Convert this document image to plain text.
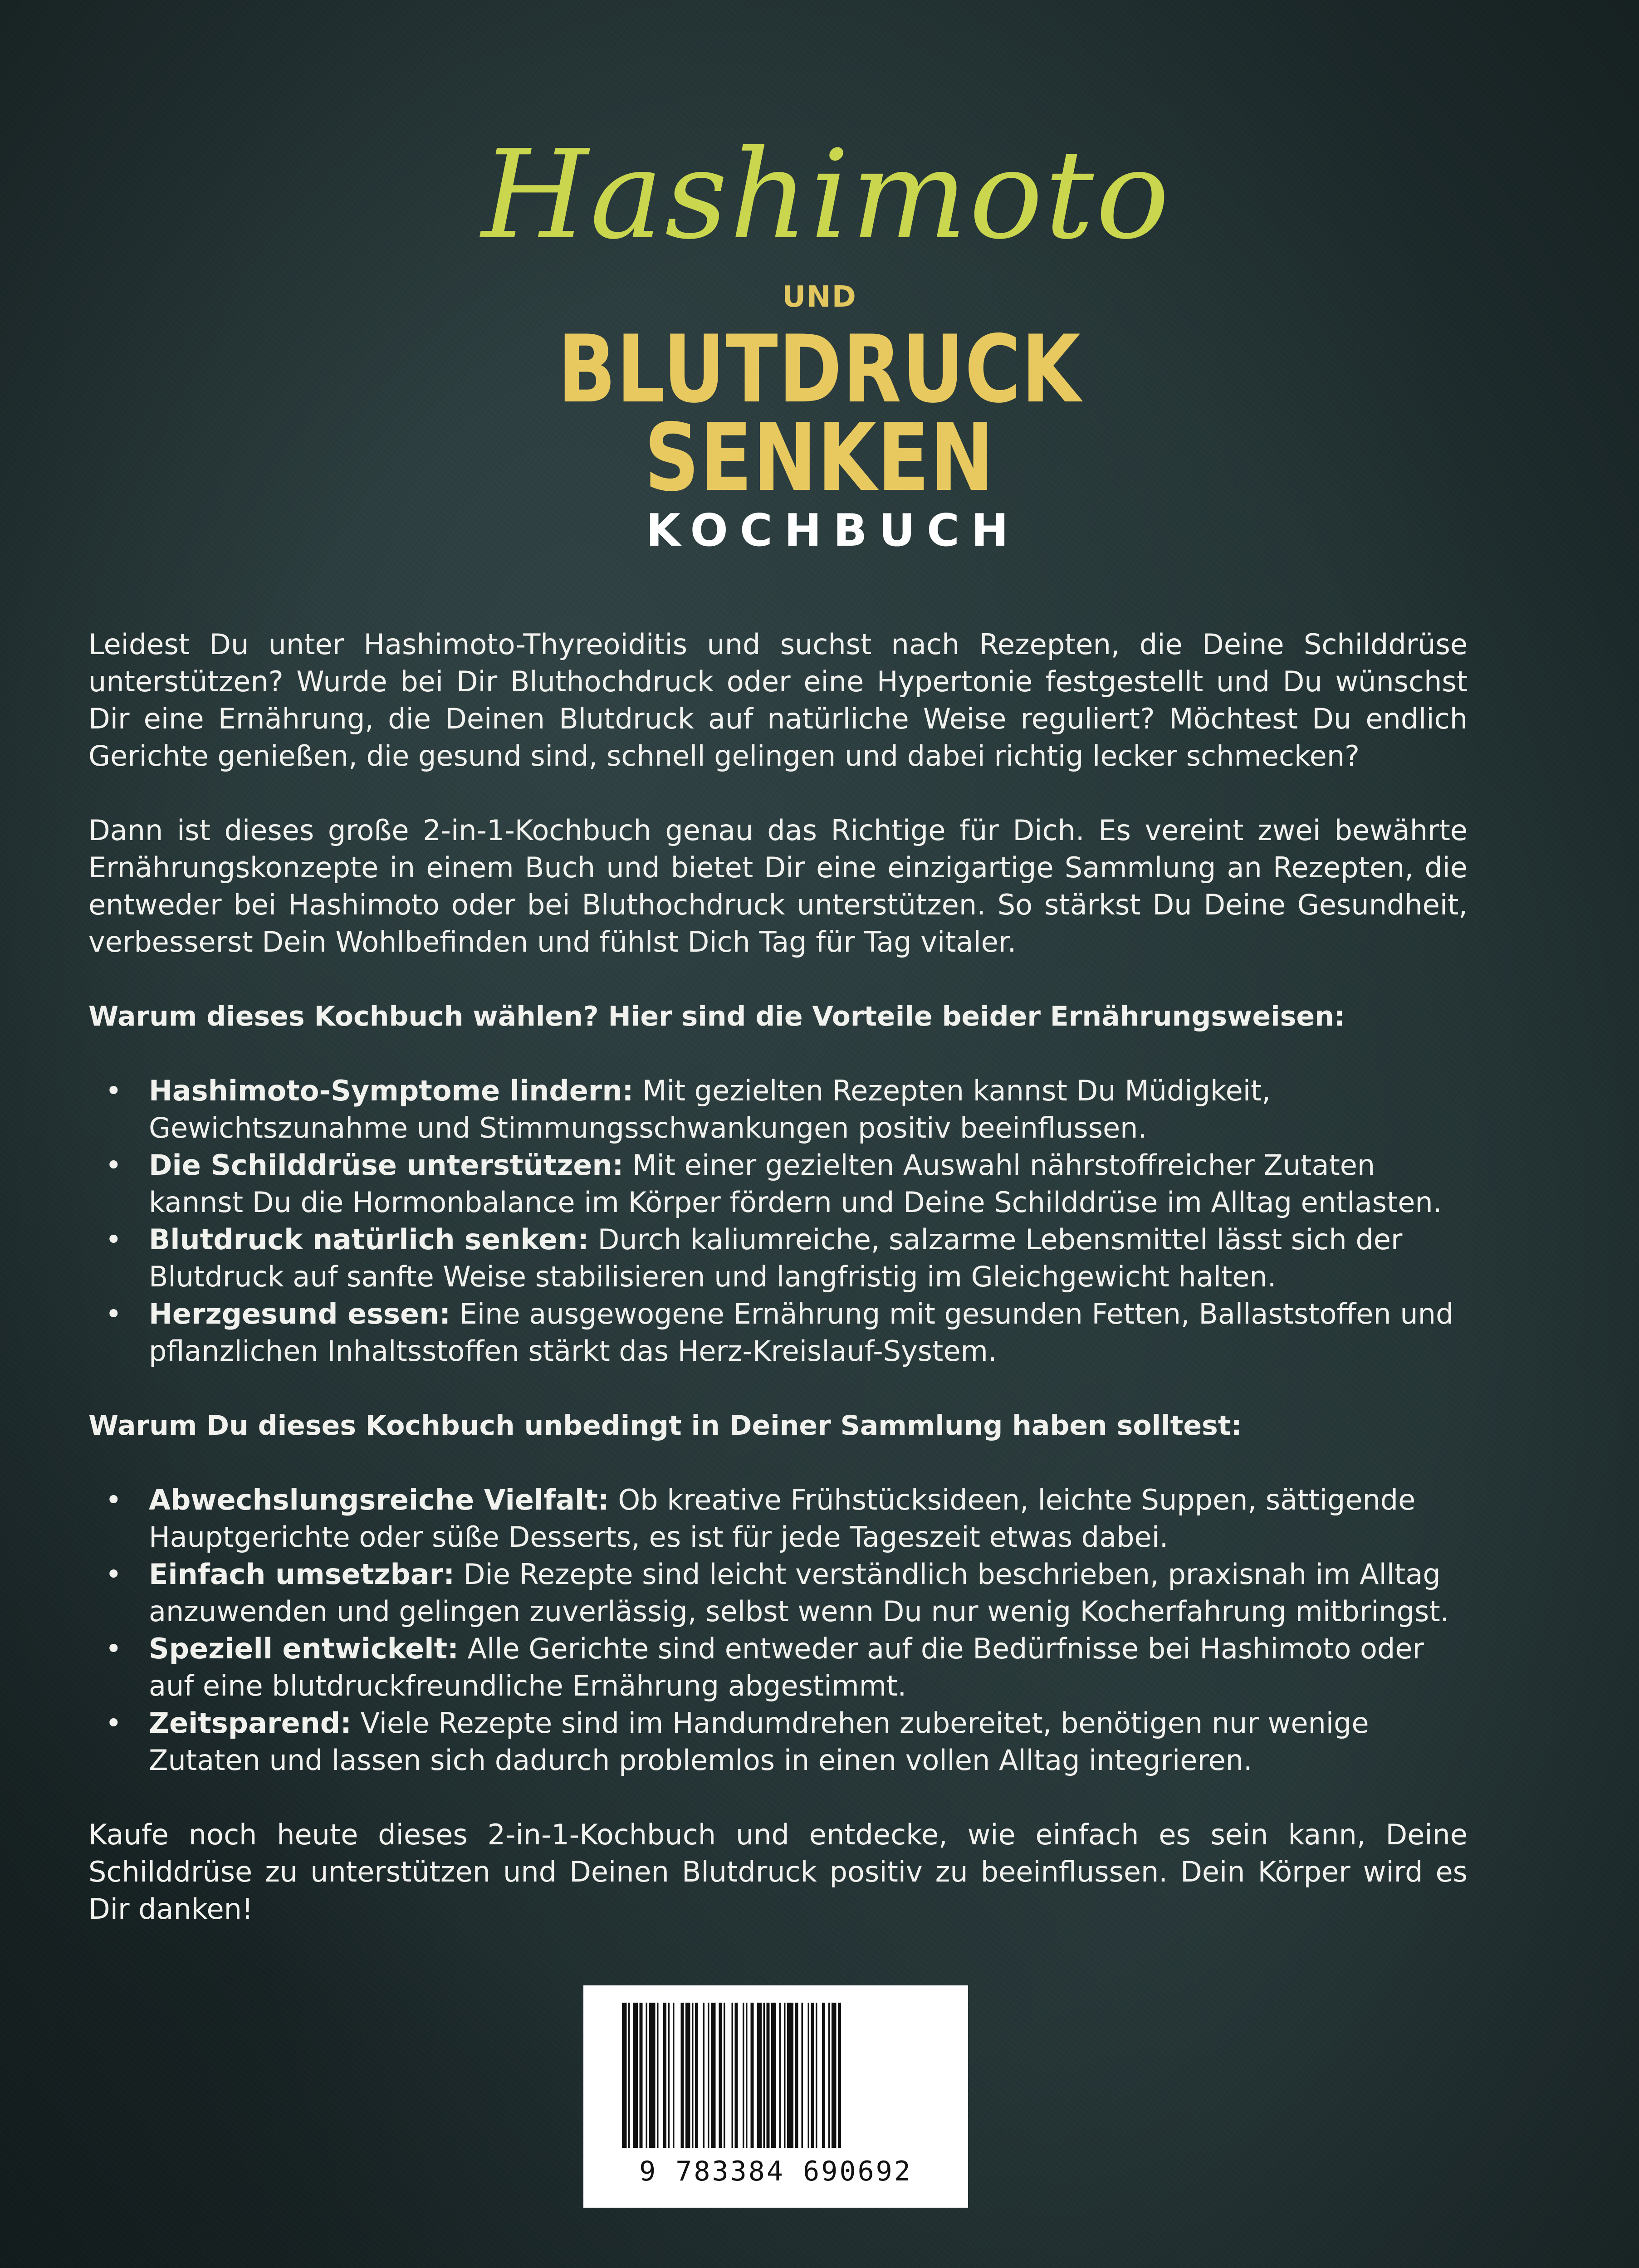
Hashimoto
UND
BLUTDRUCK
SENKEN
KOCHBUCH

Leidest Du unter Hashimoto-Thyreoiditis und suchst nach Rezepten, die Deine Schilddrüse unterstützen? Wurde bei Dir Bluthochdruck oder eine Hypertonie festgestellt und Du wünschst Dir eine Ernährung, die Deinen Blutdruck auf natürliche Weise reguliert? Möchtest Du endlich Gerichte genießen, die gesund sind, schnell gelingen und dabei richtig lecker schmecken?

Dann ist dieses große 2-in-1-Kochbuch genau das Richtige für Dich. Es vereint zwei bewährte Ernährungskonzepte in einem Buch und bietet Dir eine einzigartige Sammlung an Rezepten, die entweder bei Hashimoto oder bei Bluthochdruck unterstützen. So stärkst Du Deine Gesundheit, verbesserst Dein Wohlbefinden und fühlst Dich Tag für Tag vitaler.

Warum dieses Kochbuch wählen? Hier sind die Vorteile beider Ernährungsweisen:
• Hashimoto-Symptome lindern: Mit gezielten Rezepten kannst Du Müdigkeit, Gewichtszunahme und Stimmungsschwankungen positiv beeinflussen.
• Die Schilddrüse unterstützen: Mit einer gezielten Auswahl nährstoffreicher Zutaten kannst Du die Hormonbalance im Körper fördern und Deine Schilddrüse im Alltag entlasten.
• Blutdruck natürlich senken: Durch kaliumreiche, salzarme Lebensmittel lässt sich der Blutdruck auf sanfte Weise stabilisieren und langfristig im Gleichgewicht halten.
• Herzgesund essen: Eine ausgewogene Ernährung mit gesunden Fetten, Ballaststoffen und pflanzlichen Inhaltsstoffen stärkt das Herz-Kreislauf-System.
Warum Du dieses Kochbuch unbedingt in Deiner Sammlung haben solltest:
• Abwechslungsreiche Vielfalt: Ob kreative Frühstücksideen, leichte Suppen, sättigende Hauptgerichte oder süße Desserts, es ist für jede Tageszeit etwas dabei.
• Einfach umsetzbar: Die Rezepte sind leicht verständlich beschrieben, praxisnah im Alltag anzuwenden und gelingen zuverlässig, selbst wenn Du nur wenig Kocherfahrung mitbringst.
• Speziell entwickelt: Alle Gerichte sind entweder auf die Bedürfnisse bei Hashimoto oder auf eine blutdruckfreundliche Ernährung abgestimmt.
• Zeitsparend: Viele Rezepte sind im Handumdrehen zubereitet, benötigen nur wenige Zutaten und lassen sich dadurch problemlos in einen vollen Alltag integrieren.

Kaufe noch heute dieses 2-in-1-Kochbuch und entdecke, wie einfach es sein kann, Deine Schilddrüse zu unterstützen und Deinen Blutdruck positiv zu beeinflussen. Dein Körper wird es Dir danken!

9 783384 690692
